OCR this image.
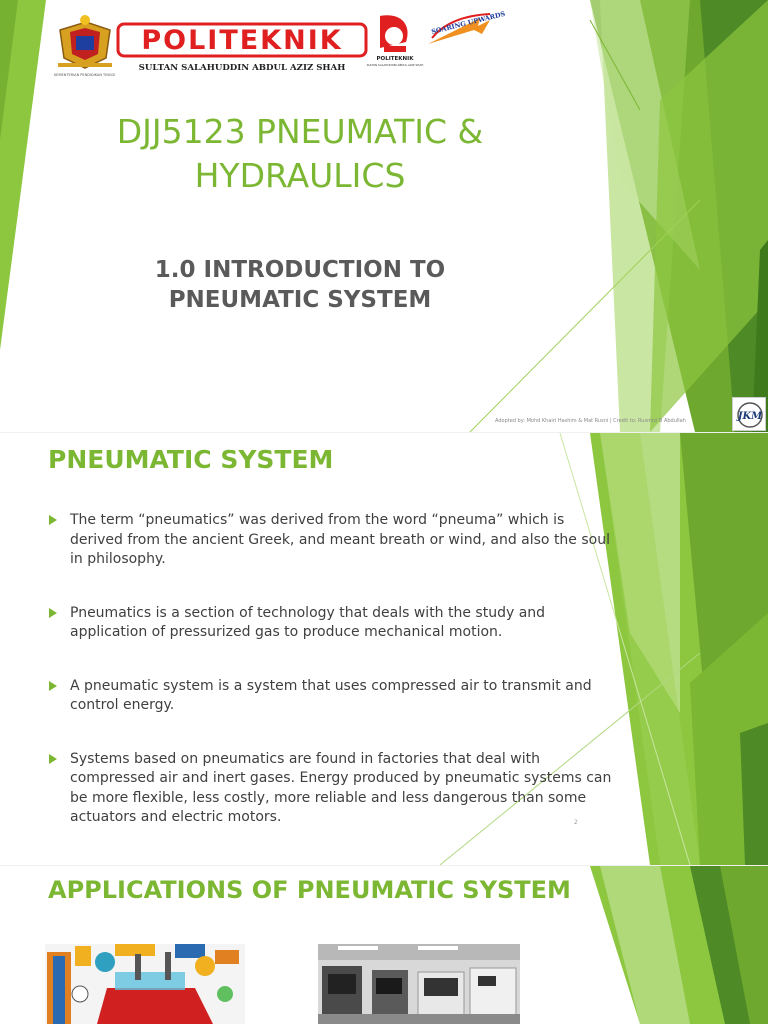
KEMENTERIAN PENDIDIKAN TINGGI
POLITEKNIK
SULTAN SALAHUDDIN ABDUL AZIZ SHAH
POLITEKNIK
SULTAN SALAHUDDIN ABDUL AZIZ SHAH
SOARING UPWARDS
DJJ5123 PNEUMATIC & HYDRAULICS
1.0 INTRODUCTION TO PNEUMATIC SYSTEM
Adopted by: Mohd Khairi Hashim & Mat Rusni | Credit to: Rusmizi B Abdullah	JKM
PNEUMATIC SYSTEM
The term “pneumatics” was derived from the word “pneuma” which is derived from the ancient Greek, and meant breath or wind, and also the soul in philosophy.
Pneumatics is a section of technology that deals with the study and application of pressurized gas to produce mechanical motion.
A pneumatic system is a system that uses compressed air to transmit and control energy.
Systems based on pneumatics are found in factories that deal with compressed air and inert gases. Energy produced by pneumatic systems can be more flexible, less costly, more reliable and less dangerous than some actuators and electric motors.	2
APPLICATIONS OF PNEUMATIC SYSTEM
